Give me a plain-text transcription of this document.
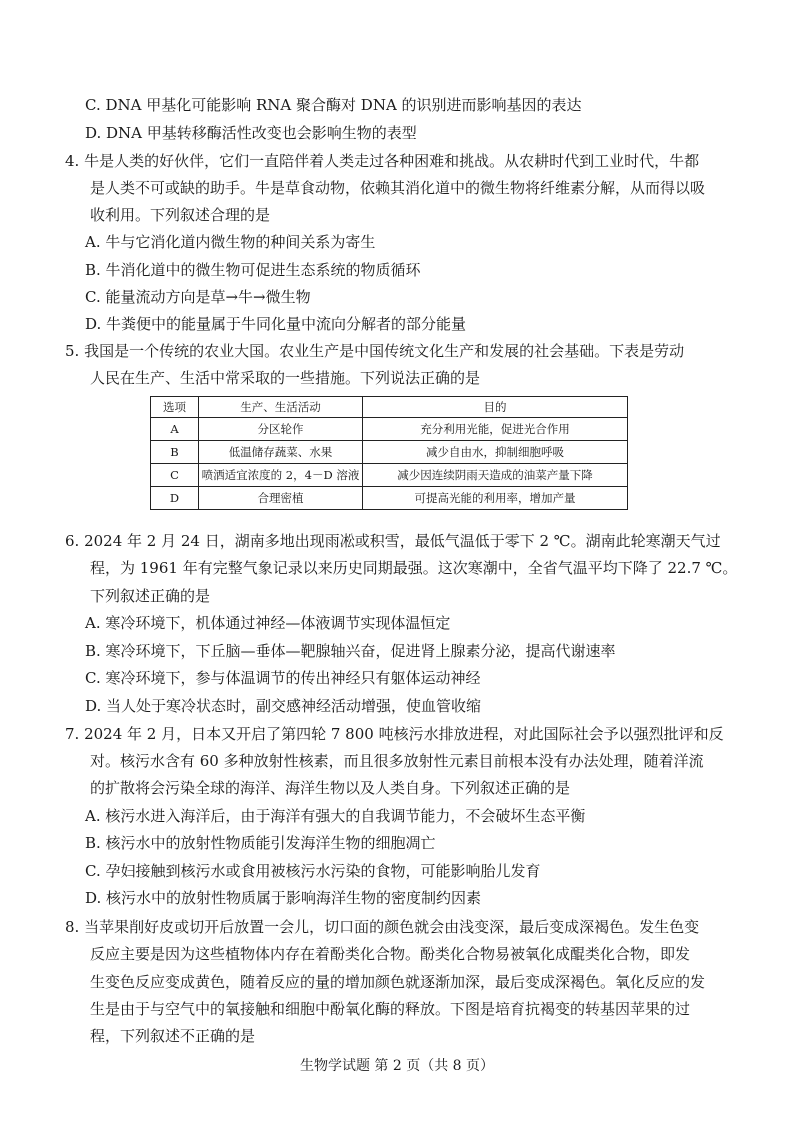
C. DNA 甲基化可能影响 RNA 聚合酶对 DNA 的识别进而影响基因的表达
D. DNA 甲基转移酶活性改变也会影响生物的表型
4. 牛是人类的好伙伴，它们一直陪伴着人类走过各种困难和挑战。从农耕时代到工业时代，牛都
是人类不可或缺的助手。牛是草食动物，依赖其消化道中的微生物将纤维素分解，从而得以吸
收利用。下列叙述合理的是
A. 牛与它消化道内微生物的种间关系为寄生
B. 牛消化道中的微生物可促进生态系统的物质循环
C. 能量流动方向是草→牛→微生物
D. 牛粪便中的能量属于牛同化量中流向分解者的部分能量
5. 我国是一个传统的农业大国。农业生产是中国传统文化生产和发展的社会基础。下表是劳动
人民在生产、生活中常采取的一些措施。下列说法正确的是
选项	生产、生活活动	目的
A	分区轮作	充分利用光能，促进光合作用
B	低温储存蔬菜、水果	减少自由水，抑制细胞呼吸
C	喷洒适宜浓度的 2，4－D 溶液	减少因连续阴雨天造成的油菜产量下降
D	合理密植	可提高光能的利用率，增加产量
6. 2024 年 2 月 24 日，湖南多地出现雨凇或积雪，最低气温低于零下 2 ℃。湖南此轮寒潮天气过
程，为 1961 年有完整气象记录以来历史同期最强。这次寒潮中，全省气温平均下降了 22.7 ℃。
下列叙述正确的是
A. 寒冷环境下，机体通过神经—体液调节实现体温恒定
B. 寒冷环境下，下丘脑—垂体—靶腺轴兴奋，促进肾上腺素分泌，提高代谢速率
C. 寒冷环境下，参与体温调节的传出神经只有躯体运动神经
D. 当人处于寒冷状态时，副交感神经活动增强，使血管收缩
7. 2024 年 2 月，日本又开启了第四轮 7 800 吨核污水排放进程，对此国际社会予以强烈批评和反
对。核污水含有 60 多种放射性核素，而且很多放射性元素目前根本没有办法处理，随着洋流
的扩散将会污染全球的海洋、海洋生物以及人类自身。下列叙述正确的是
A. 核污水进入海洋后，由于海洋有强大的自我调节能力，不会破坏生态平衡
B. 核污水中的放射性物质能引发海洋生物的细胞凋亡
C. 孕妇接触到核污水或食用被核污水污染的食物，可能影响胎儿发育
D. 核污水中的放射性物质属于影响海洋生物的密度制约因素
8. 当苹果削好皮或切开后放置一会儿，切口面的颜色就会由浅变深，最后变成深褐色。发生色变
反应主要是因为这些植物体内存在着酚类化合物。酚类化合物易被氧化成醌类化合物，即发
生变色反应变成黄色，随着反应的量的增加颜色就逐渐加深，最后变成深褐色。氧化反应的发
生是由于与空气中的氧接触和细胞中酚氧化酶的释放。下图是培育抗褐变的转基因苹果的过
程，下列叙述不正确的是
生物学试题 第 2 页（共 8 页）
